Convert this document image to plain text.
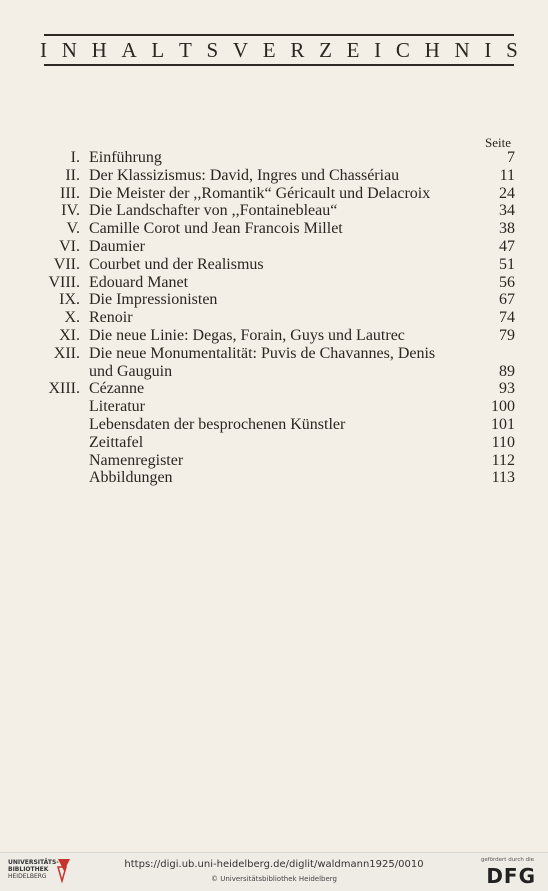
I N H A L T S V E R Z E I C H N I S
Seite
I. Einführung	7
II. Der Klassizismus: David, Ingres und Chassériau	11
III. Die Meister der ,,Romantik“ Géricault und Delacroix	24
IV. Die Landschafter von ,,Fontainebleau“	34
V. Camille Corot und Jean Francois Millet	38
VI. Daumier	47
VII. Courbet und der Realismus	51
VIII. Edouard Manet	56
IX. Die Impressionisten	67
X. Renoir	74
XI. Die neue Linie: Degas, Forain, Guys und Lautrec	79
XII. Die neue Monumentalität: Puvis de Chavannes, Denis
und Gauguin	89
XIII. Cézanne	93
Literatur	100
Lebensdaten der besprochenen Künstler	101
Zeittafel	110
Namenregister	112
Abbildungen	113
UNIVERSITÄTS-
BIBLIOTHEK
HEIDELBERG
https://digi.ub.uni-heidelberg.de/diglit/waldmann1925/0010
© Universitätsbibliothek Heidelberg
gefördert durch die
DFG
